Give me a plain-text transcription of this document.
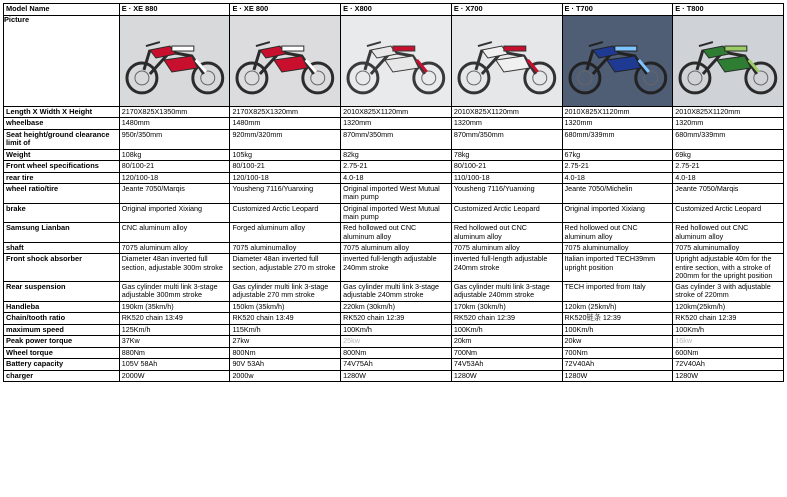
Model Name	E · XE 880	E · XE 800	E · X800	E · X700	E · T700	E · T800
Picture	

Length X Width X Height	2170X825X1350mm	2170X825X1320mm	2010X825X1120mm	2010X825X1120mm	2010X825X1120mm	2010X825X1120mm
wheelbase	1480mm	1480mm	1320mm	1320mm	1320mm	1320mm
Seat height/ground clearance limit of	950r/350mm	920mm/320mm	870mm/350mm	870mm/350mm	680mm/339mm	680mm/339mm
Weight	108kg	105kg	82kg	78kg	67kg	69kg
Front wheel specifications	80/100-21	80/100-21	2.75-21	80/100-21	2.75-21	2.75-21
rear tire	120/100-18	120/100-18	4.0-18	110/100-18	4.0-18	4.0-18
wheel ratio/tire	Jeante 7050/Marqis	Yousheng 7116/Yuanxing	Original imported West Mutual main pump	Yousheng 7116/Yuanxing	Jeante 7050/Michelin	Jeante 7050/Marqis
brake	Original imported Xixiang	Customized Arctic Leopard	Original imported West Mutual main pump	Customized Arctic Leopard	Original imported Xixiang	Customized Arctic Leopard
Samsung Lianban	CNC aluminum alloy	Forged aluminum alloy	Red hollowed out CNC aluminum alloy	Red hollowed out CNC aluminum alloy	Red hollowed out CNC aluminum alloy	Red hollowed out CNC aluminum alloy
shaft	7075 aluminum alloy	7075 aluminumalloy	7075 aluminum alloy	7075 aluminum alloy	7075 aluminumalloy	7075 aluminumalloy
Front shock absorber	Diameter 48an inverted full section, adjustable 300m stroke	Diameter 48an inverted full section, adjustable 270 m stroke	inverted full-length adjustable 240mm stroke	inverted full-length adjustable 240mm stroke	Italian imported TECH39mm upright position	Upright adjustable 40m for the entire section, with a stroke of 200mm for the upright position
Rear suspension	Gas cylinder multi link 3-stage adjustable 300mm stroke	Gas cylinder multi link 3-stage adjustable 270 mm stroke	Gas cylinder multi link 3-stage adjustable 240mm stroke	Gas cylinder multi link 3-stage adjustable 240mm stroke	TECH imported from Italy	Gas cylinder 3 with adjustable stroke of 220mm
Handleba	190km (35km/h)	150km (35km/h)	220km (30km/h)	170km (30km/h)	120km (25km/h)	120km(25km/h)
Chain/tooth ratio	RK520 chain 13:49	RK520 chain 13:49	RK520 chain 12:39	RK520 chain 12:39	RK520链条 12:39	RK520 chain 12:39
maximum speed	125Km/h	115Km/h	100Km/h	100Km/h	100Km/h	100Km/h
Peak power torque	37Kw	27kw	25kw	20km	20kw	16kw
Wheel torque	880Nm	800Nm	800Nm	700Nm	700Nm	600Nm
Battery capacity	105V 58Ah	90V 53Ah	74V75Ah	74V53Ah	72V40Ah	72V40Ah
charger	2000W	2000w	1280W	1280W	1280W	1280W
